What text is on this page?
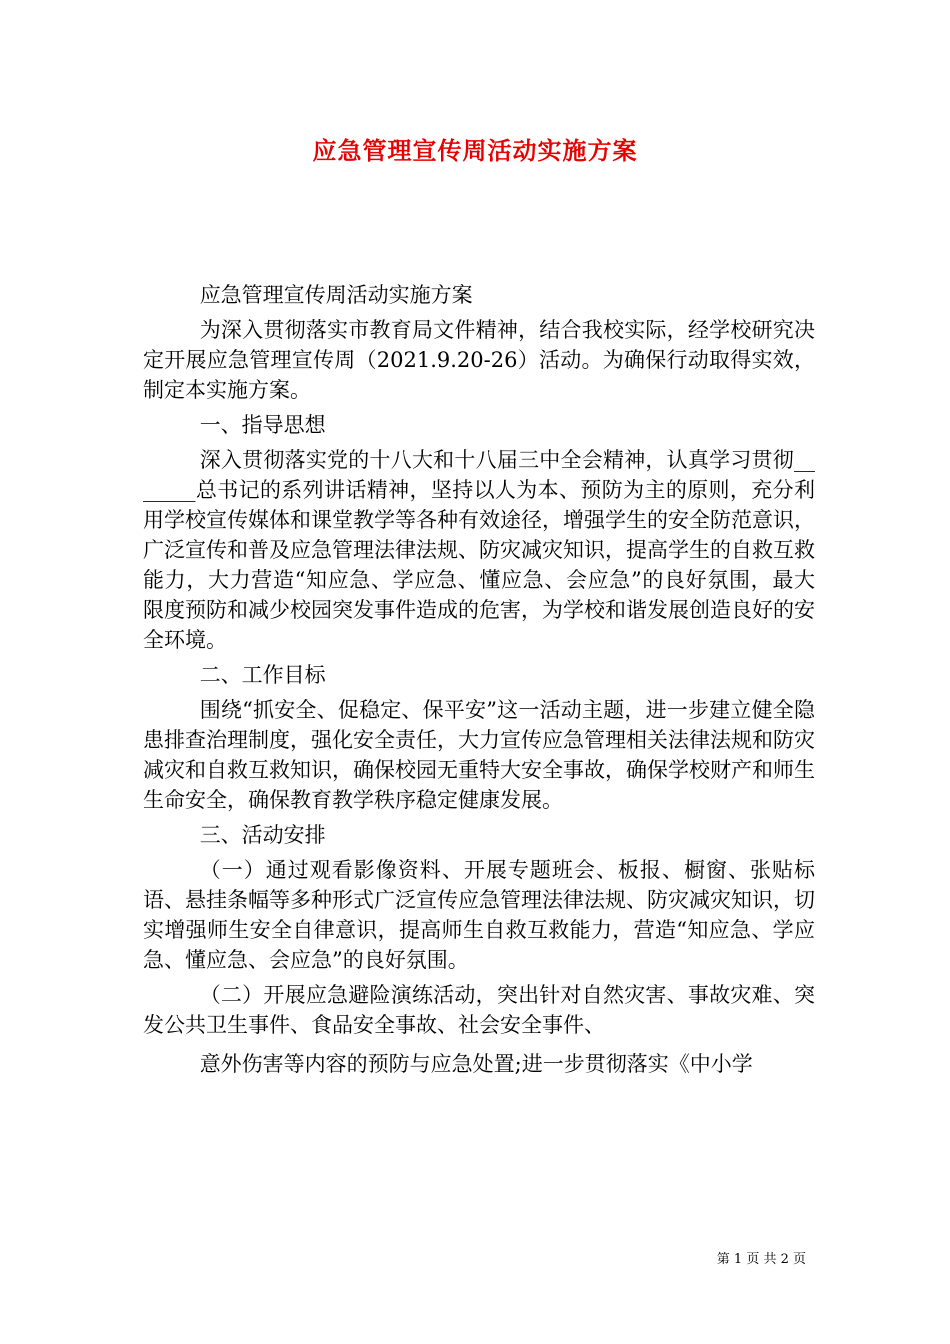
应急管理宣传周活动实施方案

应急管理宣传周活动实施方案

为深入贯彻落实市教育局文件精神，结合我校实际，经学校研究决定开展应急管理宣传周（2021.9.20-26）活动。为确保行动取得实效，制定本实施方案。

一、指导思想

深入贯彻落实党的十八大和十八届三中全会精神，认真学习贯彻_______总书记的系列讲话精神，坚持以人为本、预防为主的原则，充分利用学校宣传媒体和课堂教学等各种有效途径，增强学生的安全防范意识，广泛宣传和普及应急管理法律法规、防灾减灾知识，提高学生的自救互救能力，大力营造“知应急、学应急、懂应急、会应急”的良好氛围，最大限度预防和减少校园突发事件造成的危害，为学校和谐发展创造良好的安全环境。

二、工作目标

围绕“抓安全、促稳定、保平安”这一活动主题，进一步建立健全隐患排查治理制度，强化安全责任，大力宣传应急管理相关法律法规和防灾减灾和自救互救知识，确保校园无重特大安全事故，确保学校财产和师生生命安全，确保教育教学秩序稳定健康发展。

三、活动安排

（一）通过观看影像资料、开展专题班会、板报、橱窗、张贴标语、悬挂条幅等多种形式广泛宣传应急管理法律法规、防灾减灾知识，切实增强师生安全自律意识，提高师生自救互救能力，营造“知应急、学应急、懂应急、会应急”的良好氛围。

（二）开展应急避险演练活动，突出针对自然灾害、事故灾难、突发公共卫生事件、食品安全事故、社会安全事件、

意外伤害等内容的预防与应急处置;进一步贯彻落实《中小学

第 1 页 共 2 页
